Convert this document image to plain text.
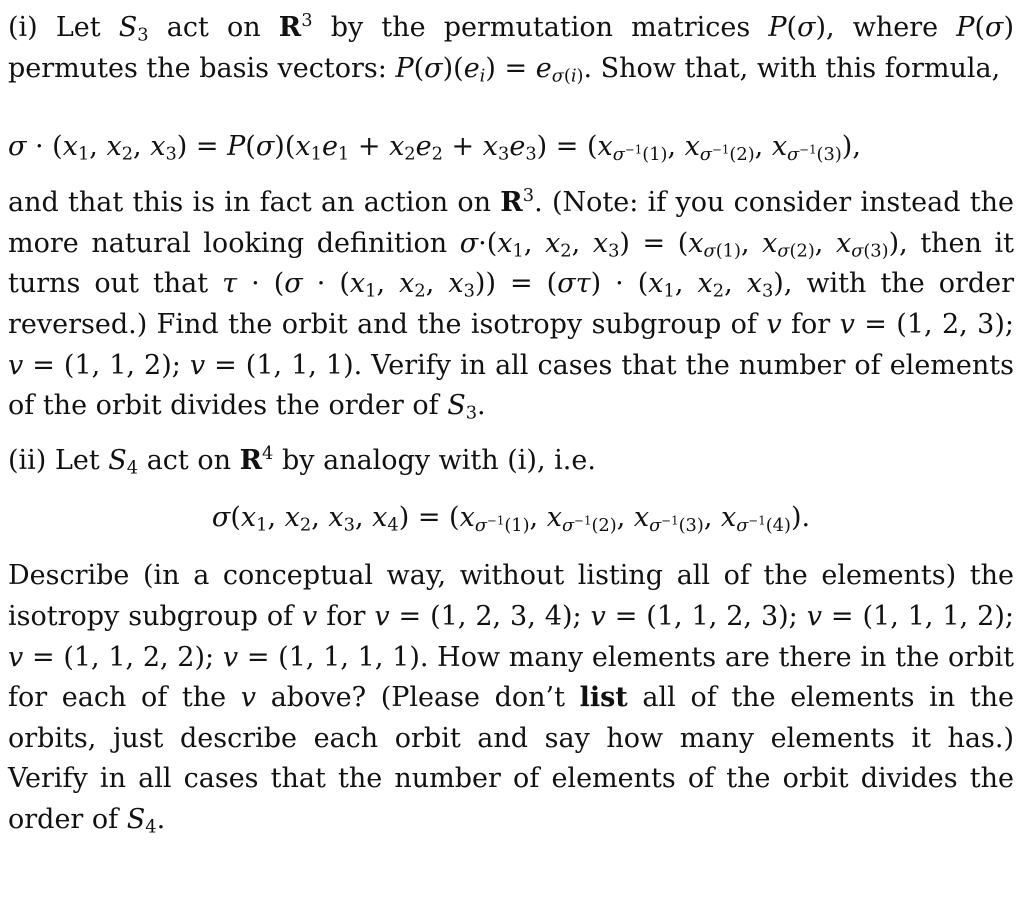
(i) Let $S_3$ act on $R^3$ by the permutation matrices P(σ), where P(σ) permutes the basis vectors: $P(\sigma)(e_i) = e_{\sigma(i)}$. Show that, with this formula,

$\sigma \cdot (x_1$, $x_2$, $x_3) = P(\sigma)(x_1e_1 + x_2e_2 + x_3e_3) = (x_{\sigma^{-1}(1)}$, $x_{\sigma^{-1}(2)}$, $x_{\sigma^{-1}(3)}$),

and that this is in fact an action on $R^3$. (Note: if you consider instead the more natural looking definition $\sigma\cdot(x_1$, $x_2$, $x_3) = (x_{\sigma(1)}$, $x_{\sigma(2)}$, $x_{\sigma(3)}$), then it turns out that $\tau \cdot (\sigma \cdot (x_1$, $x_2$, $x_3)) = (\sigma\tau) \cdot (x_1$, $x_2$, $x_3$), with the order reversed.) Find the orbit and the isotropy subgroup of v for v = (1, 2, 3); v = (1, 1, 2); v = (1, 1, 1). Verify in all cases that the number of elements of the orbit divides the order of $S_3$.

(ii) Let $S_4$ act on $R^4$ by analogy with (i), i.e.

$\sigma(x_1$, $x_2$, $x_3$, $x_4) = (x_{\sigma^{-1}(1)}$, $x_{\sigma^{-1}(2)}$, $x_{\sigma^{-1}(3)}$, $x_{\sigma^{-1}(4)}$).

Describe (in a conceptual way, without listing all of the elements) the isotropy subgroup of v for v = (1, 2, 3, 4); v = (1, 1, 2, 3); v = (1, 1, 1, 2); v = (1, 1, 2, 2); v = (1, 1, 1, 1). How many elements are there in the orbit for each of the v above? (Please don’t list all of the elements in the orbits, just describe each orbit and say how many elements it has.) Verify in all cases that the number of elements of the orbit divides the order of $S_4$.
